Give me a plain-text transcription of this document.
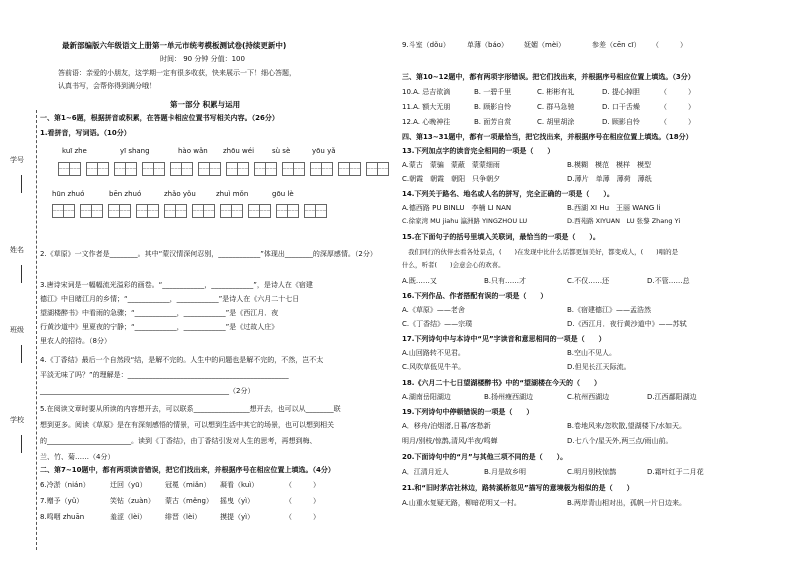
学号
姓名
班级
学校
最新部编版六年级语文上册第一单元市统考模板测试卷(持续更新中)
时间： 90 分钟 分值：100
答前语：亲爱的小朋友，这学期一定有很多收获，快来展示一下！细心答题，
认真书写，会帮你得到满分哦！
第一部分 积累与运用
一、第1~6题，根据拼音或积累，在答题卡相应位置书写相关内容。（26分）
1.看拼音，写词语。（10分）
kuī zhe	yī shang	hào wǎn zhōu wéi	sù sè	yōu yǎ
hūn zhuó	bēn zhuó	zhǎo yǒu	zhuì mǒn	gōu lè
2.《草原》一文作者是________。其中“蒙汉情深何忍别，____________”体现出________的深厚感情。（2分）
3.唐诗宋词是一幅幅流光溢彩的画卷。“____________，____________”，是诗人在《宿建
德江》中目睹江月的乡情；“____________，____________”是诗人在《六月二十七日
望湖楼醉书》中看雨的急骤；“____________，____________”是《西江月．夜
行黄沙道中》里夏夜的宁静；“____________，____________”是《过故人庄》
里农人的招待。（8分）
4.《丁香结》最后一个自然段“结，是解不完的。人生中的问题也是解不完的，不然，岂不太
平淡无味了吗？”的理解是：______________________________________________
______________________________________________________（2分）
5.在阅读文章时要从所读的内容想开去，可以联系________________想开去，也可以从________联
想到更多。阅读《草原》是在有深刻感悟的情景，可以想到生活中其它的场景，也可以想到相关
的________________________。读到《丁香结》，由丁香结引发对人生的思考，再想到梅、
兰、竹、菊……（4分）
二、第7~10题中，都有两项读音错误，把它们找出来，并根据序号在相应位置上填选。（4分）
6.冷淤（nián）	迁回（yū）	冠冕（miǎn） 凝看（kuì）	（　　　）
7.赠予（yǔ）	笑钻（zuàn） 蒙古（měng） 摇曳（yì）	（　　　）
8.鸣咽 zhuān	羞涩（lèi）	绯晋（lèi）	摸提（yì）	（　　　）
9.斗室（dǒu） 单薄（báo） 妩媚（mèi）	参差（cēn cī） （　　　）
三、第10~12题中，都有两项字形错误。把它们找出来，并根据序号相应位置上填选。（3分）
10.A. 忌吉欲滴	B. 一碧千里	C. 彬彬有礼	D. 提心掉胆	（　　　）
11.A. 额大无朋	B. 顾影自怜	C. 群马急驰	D. 口干舌燥	（　　　）
12.A. 心晚神往	B. 面芳自赏	C. 胡里胡涂	D. 顾影自怜	（　　　）
四、第13~31题中，都有一项最恰当，把它找出来，并根据序号在相应位置上填选。（18分）
13.下列加点字的读音完全相同的一项是（　　）
A.蒙古　蒙骗　蒙蔽　蒙蒙细雨	B.模糊　模范　模样　模型
C.朝霞　朝霞　朝阳　只争朝夕	D.薄片　单薄　薄荷　薄纸
14.下列关于路名、地名或人名的拼写，完全正确的一项是（　　）。
A.德西路 PU BINLU　李楠 LI NAN	B.西湖 XI Hu　王丽 WANG li
C.徐家湾 MU jiahu 瀛洲路 YINGZHOU LU	D.西苑路 XIYUAN　LU 张黎 Zhang Yi
15.在下面句子的括号里填入关联词，最恰当的一项是（　　）。
我们同行的伙伴去看各处景点，(　　)在发现中比什么话都更加美好，都变成人，(　　)唱的是
什么，听者(　　)会意会心的欢喜。
A.既……又	B.只有……才	C.不仅……还	D.不管……总
16.下列作品、作者搭配有误的一项是（　　）
A.《草原》——老舍	B.《宿建德江》——孟浩然
C.《丁香结》——宗璞	D.《西江月．夜行黄沙道中》——苏轼
17.下列诗句中与本诗中“见”字读音和意思相同的一项是（　　）
A.山回路转不见君。	B.空山不见人。
C.风吹草低见牛羊。	D.但见长江天际流。
18.《六月二十七日望湖楼醉书》中的“望湖楼在今天的（　　）
A.湖南岳阳湖边	B.扬州瘦西湖边	C.杭州西湖边	D.江西鄱阳湖边
19.下列诗句中停顿错误的一项是（　　）
A．移舟/泊烟渚,日暮/客愁新	B.卷地风来/忽吹散,望湖楼下/水如天。
明月/别枝/惊鹊,清风/半夜/鸣蝉	D.七八个/星天外,两三点/雨山前。
20.下面诗句中的“月”与其他三项不同的是（　　）。
A．江清月近人	B.月是故乡明	C.明月别枝惊鹊	D.霜叶红于二月花
21.和“旧时茅店社林边，路转溪桥忽见”描写的意境极为相似的是（　　）
A.山重水复疑无路，柳暗花明又一村。	B.两岸青山相对出，孤帆一片日边来。
